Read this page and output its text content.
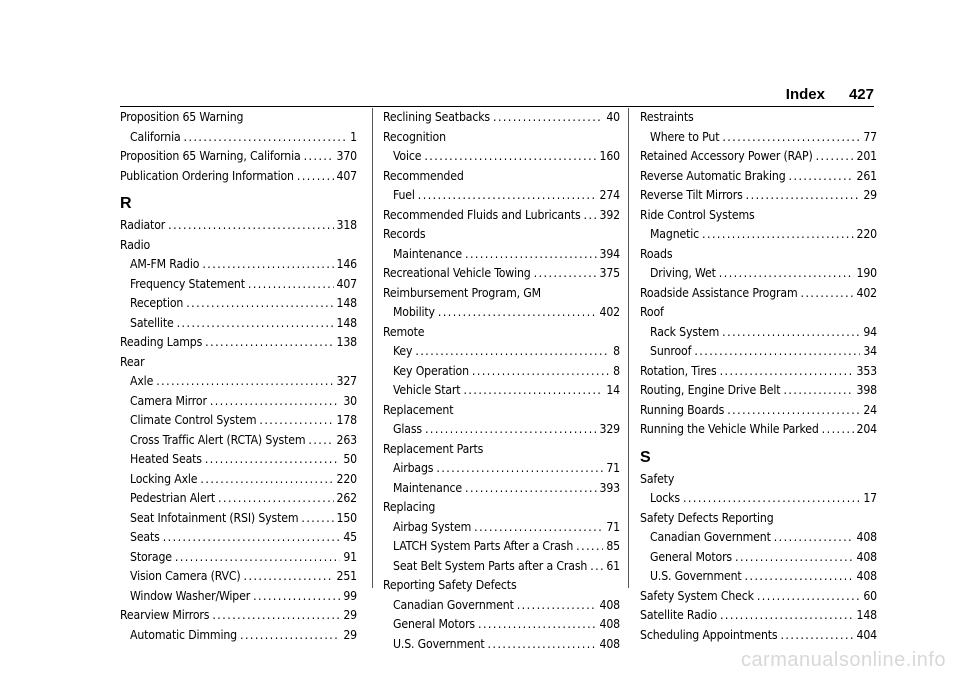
Index 427
Proposition 65 Warning
California . . .	1
Proposition 65 Warning, California . . .	370
Publication Ordering Information . . .	407
R
Radiator . . .	318
Radio
AM-FM Radio . . .	146
Frequency Statement . . .	407
Reception . . .	148
Satellite . . .	148
Reading Lamps . . .	138
Rear
Axle . . .	327
Camera Mirror . . .	30
Climate Control System . . .	178
Cross Traffic Alert (RCTA) System . . .	263
Heated Seats . . .	50
Locking Axle . . .	220
Pedestrian Alert . . .	262
Seat Infotainment (RSI) System . . .	150
Seats . . .	45
Storage . . .	91
Vision Camera (RVC) . . .	251
Window Washer/Wiper . . .	99
Rearview Mirrors . . .	29
Automatic Dimming . . .	29
Reclining Seatbacks . . .	40
Recognition
Voice . . .	160
Recommended
Fuel . . .	274
Recommended Fluids and Lubricants . . . 392
Records
Maintenance . . .	394
Recreational Vehicle Towing . . .	375
Reimbursement Program, GM
Mobility . . .	402
Remote
Key . . .	8
Key Operation . . .	8
Vehicle Start . . .	14
Replacement
Glass . . .	329
Replacement Parts
Airbags . . .	71
Maintenance . . .	393
Replacing
Airbag System . . .	71
LATCH System Parts After a Crash . . .	85
Seat Belt System Parts after a Crash . . . 61
Reporting Safety Defects
Canadian Government . . .	408
General Motors . . .	408
U.S. Government . . .	408
Restraints
Where to Put . . .	77
Retained Accessory Power (RAP) . . .	201
Reverse Automatic Braking . . .	261
Reverse Tilt Mirrors . . .	29
Ride Control Systems
Magnetic . . .	220
Roads
Driving, Wet . . .	190
Roadside Assistance Program . . .	402
Roof
Rack System . . .	94
Sunroof . . .	34
Rotation, Tires . . .	353
Routing, Engine Drive Belt . . .	398
Running Boards . . .	24
Running the Vehicle While Parked . . .	204
S
Safety
Locks . . .	17
Safety Defects Reporting
Canadian Government . . .	408
General Motors . . .	408
U.S. Government . . .	408
Safety System Check . . .	60
Satellite Radio . . .	148
Scheduling Appointments . . .	404
carmanualsonline.info
